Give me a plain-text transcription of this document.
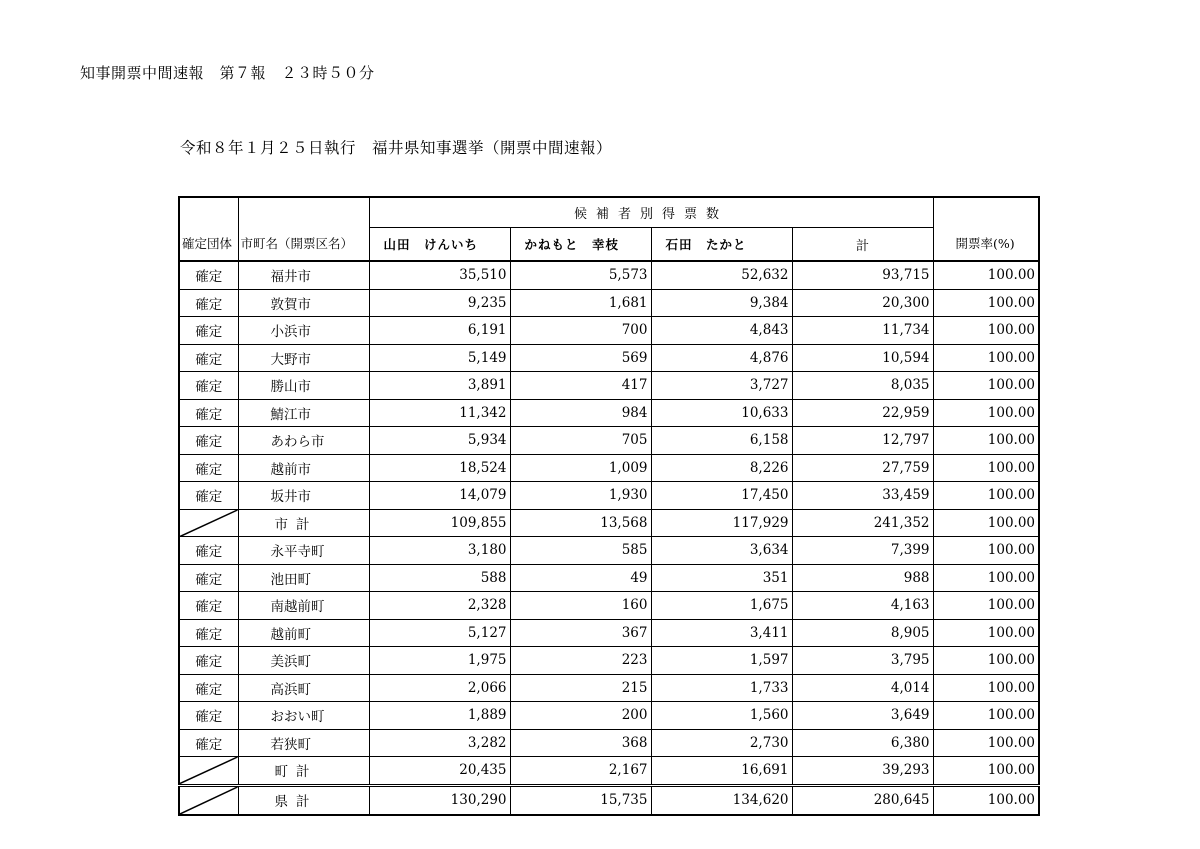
知事開票中間速報　第７報　２３時５０分
令和８年１月２５日執行　福井県知事選挙（開票中間速報）
確定団体	市町名（開票区名）	候補者別得票数				開票率(%)
		山田　けんいち	かねもと　幸枝	石田　たかと	計	
確定	福井市	35,510	5,573	52,632	93,715	100.00
確定	敦賀市	9,235	1,681	9,384	20,300	100.00
確定	小浜市	6,191	700	4,843	11,734	100.00
確定	大野市	5,149	569	4,876	10,594	100.00
確定	勝山市	3,891	417	3,727	8,035	100.00
確定	鯖江市	11,342	984	10,633	22,959	100.00
確定	あわら市	5,934	705	6,158	12,797	100.00
確定	越前市	18,524	1,009	8,226	27,759	100.00
確定	坂井市	14,079	1,930	17,450	33,459	100.00

	市計	109,855	13,568	117,929	241,352	100.00
確定	永平寺町	3,180	585	3,634	7,399	100.00
確定	池田町	588	49	351	988	100.00
確定	南越前町	2,328	160	1,675	4,163	100.00
確定	越前町	5,127	367	3,411	8,905	100.00
確定	美浜町	1,975	223	1,597	3,795	100.00
確定	高浜町	2,066	215	1,733	4,014	100.00
確定	おおい町	1,889	200	1,560	3,649	100.00
確定	若狭町	3,282	368	2,730	6,380	100.00

	町計	20,435	2,167	16,691	39,293	100.00

	県計	130,290	15,735	134,620	280,645	100.00
